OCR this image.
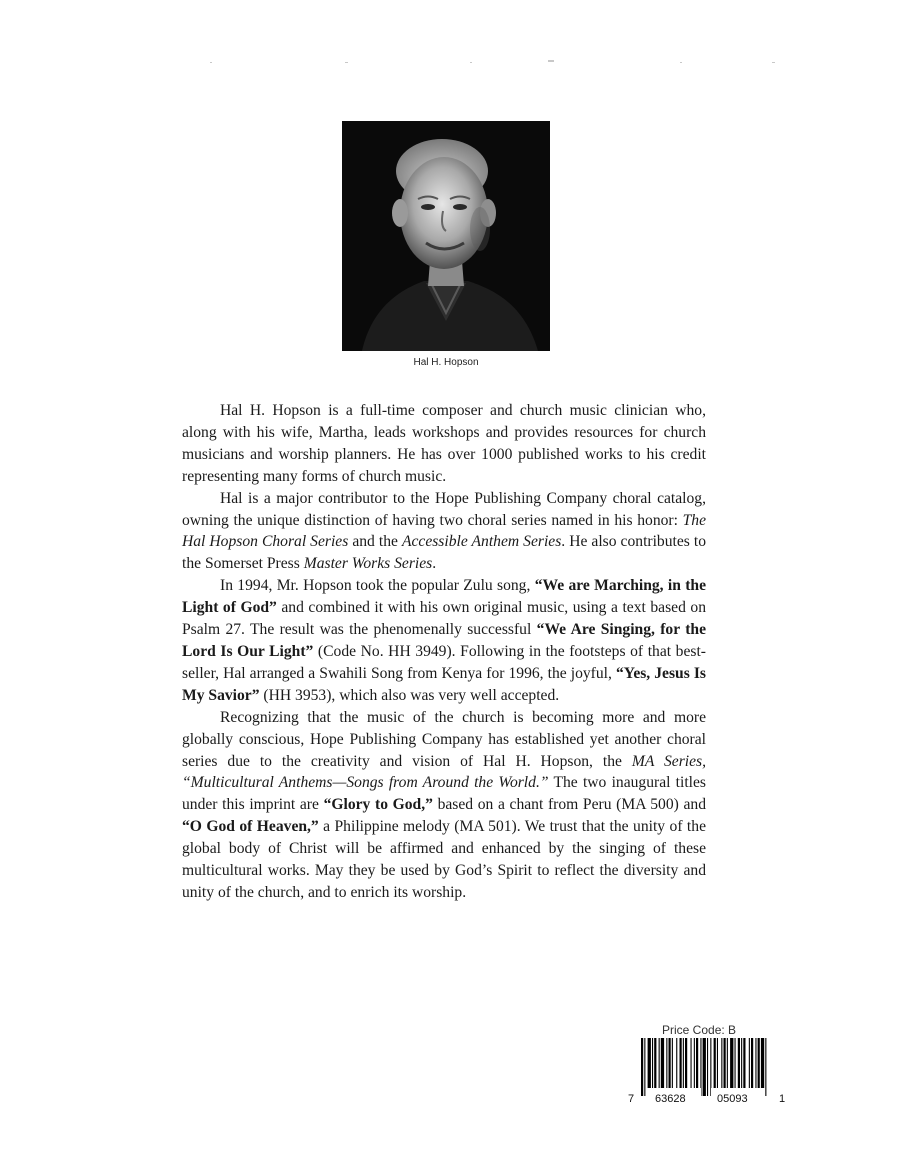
Hal H. Hopson

Hal H. Hopson is a full-time composer and church music clinician who, along with his wife, Martha, leads workshops and provides resources for church musicians and worship planners. He has over 1000 published works to his credit representing many forms of church music.

Hal is a major contributor to the Hope Publishing Company choral catalog, owning the unique distinction of having two choral series named in his honor: The Hal Hopson Choral Series and the Accessible Anthem Series. He also contributes to the Somerset Press Master Works Series.

In 1994, Mr. Hopson took the popular Zulu song, “We are Marching, in the Light of God” and combined it with his own original music, using a text based on Psalm 27. The result was the phenomenally successful “We Are Singing, for the Lord Is Our Light” (Code No. HH 3949). Following in the footsteps of that best-seller, Hal arranged a Swahili Song from Kenya for 1996, the joyful, “Yes, Jesus Is My Savior” (HH 3953), which also was very well accepted.

Recognizing that the music of the church is becoming more and more globally conscious, Hope Publishing Company has established yet another choral series due to the creativity and vision of Hal H. Hopson, the MA Series, “Multicultural Anthems—Songs from Around the World.” The two inaugural titles under this imprint are “Glory to God,” based on a chant from Peru (MA 500) and “O God of Heaven,” a Philippine melody (MA 501). We trust that the unity of the global body of Christ will be affirmed and enhanced by the singing of these multicultural works. May they be used by God’s Spirit to reflect the diversity and unity of the church, and to enrich its worship.

Price Code: B
7 63628	05093	1
